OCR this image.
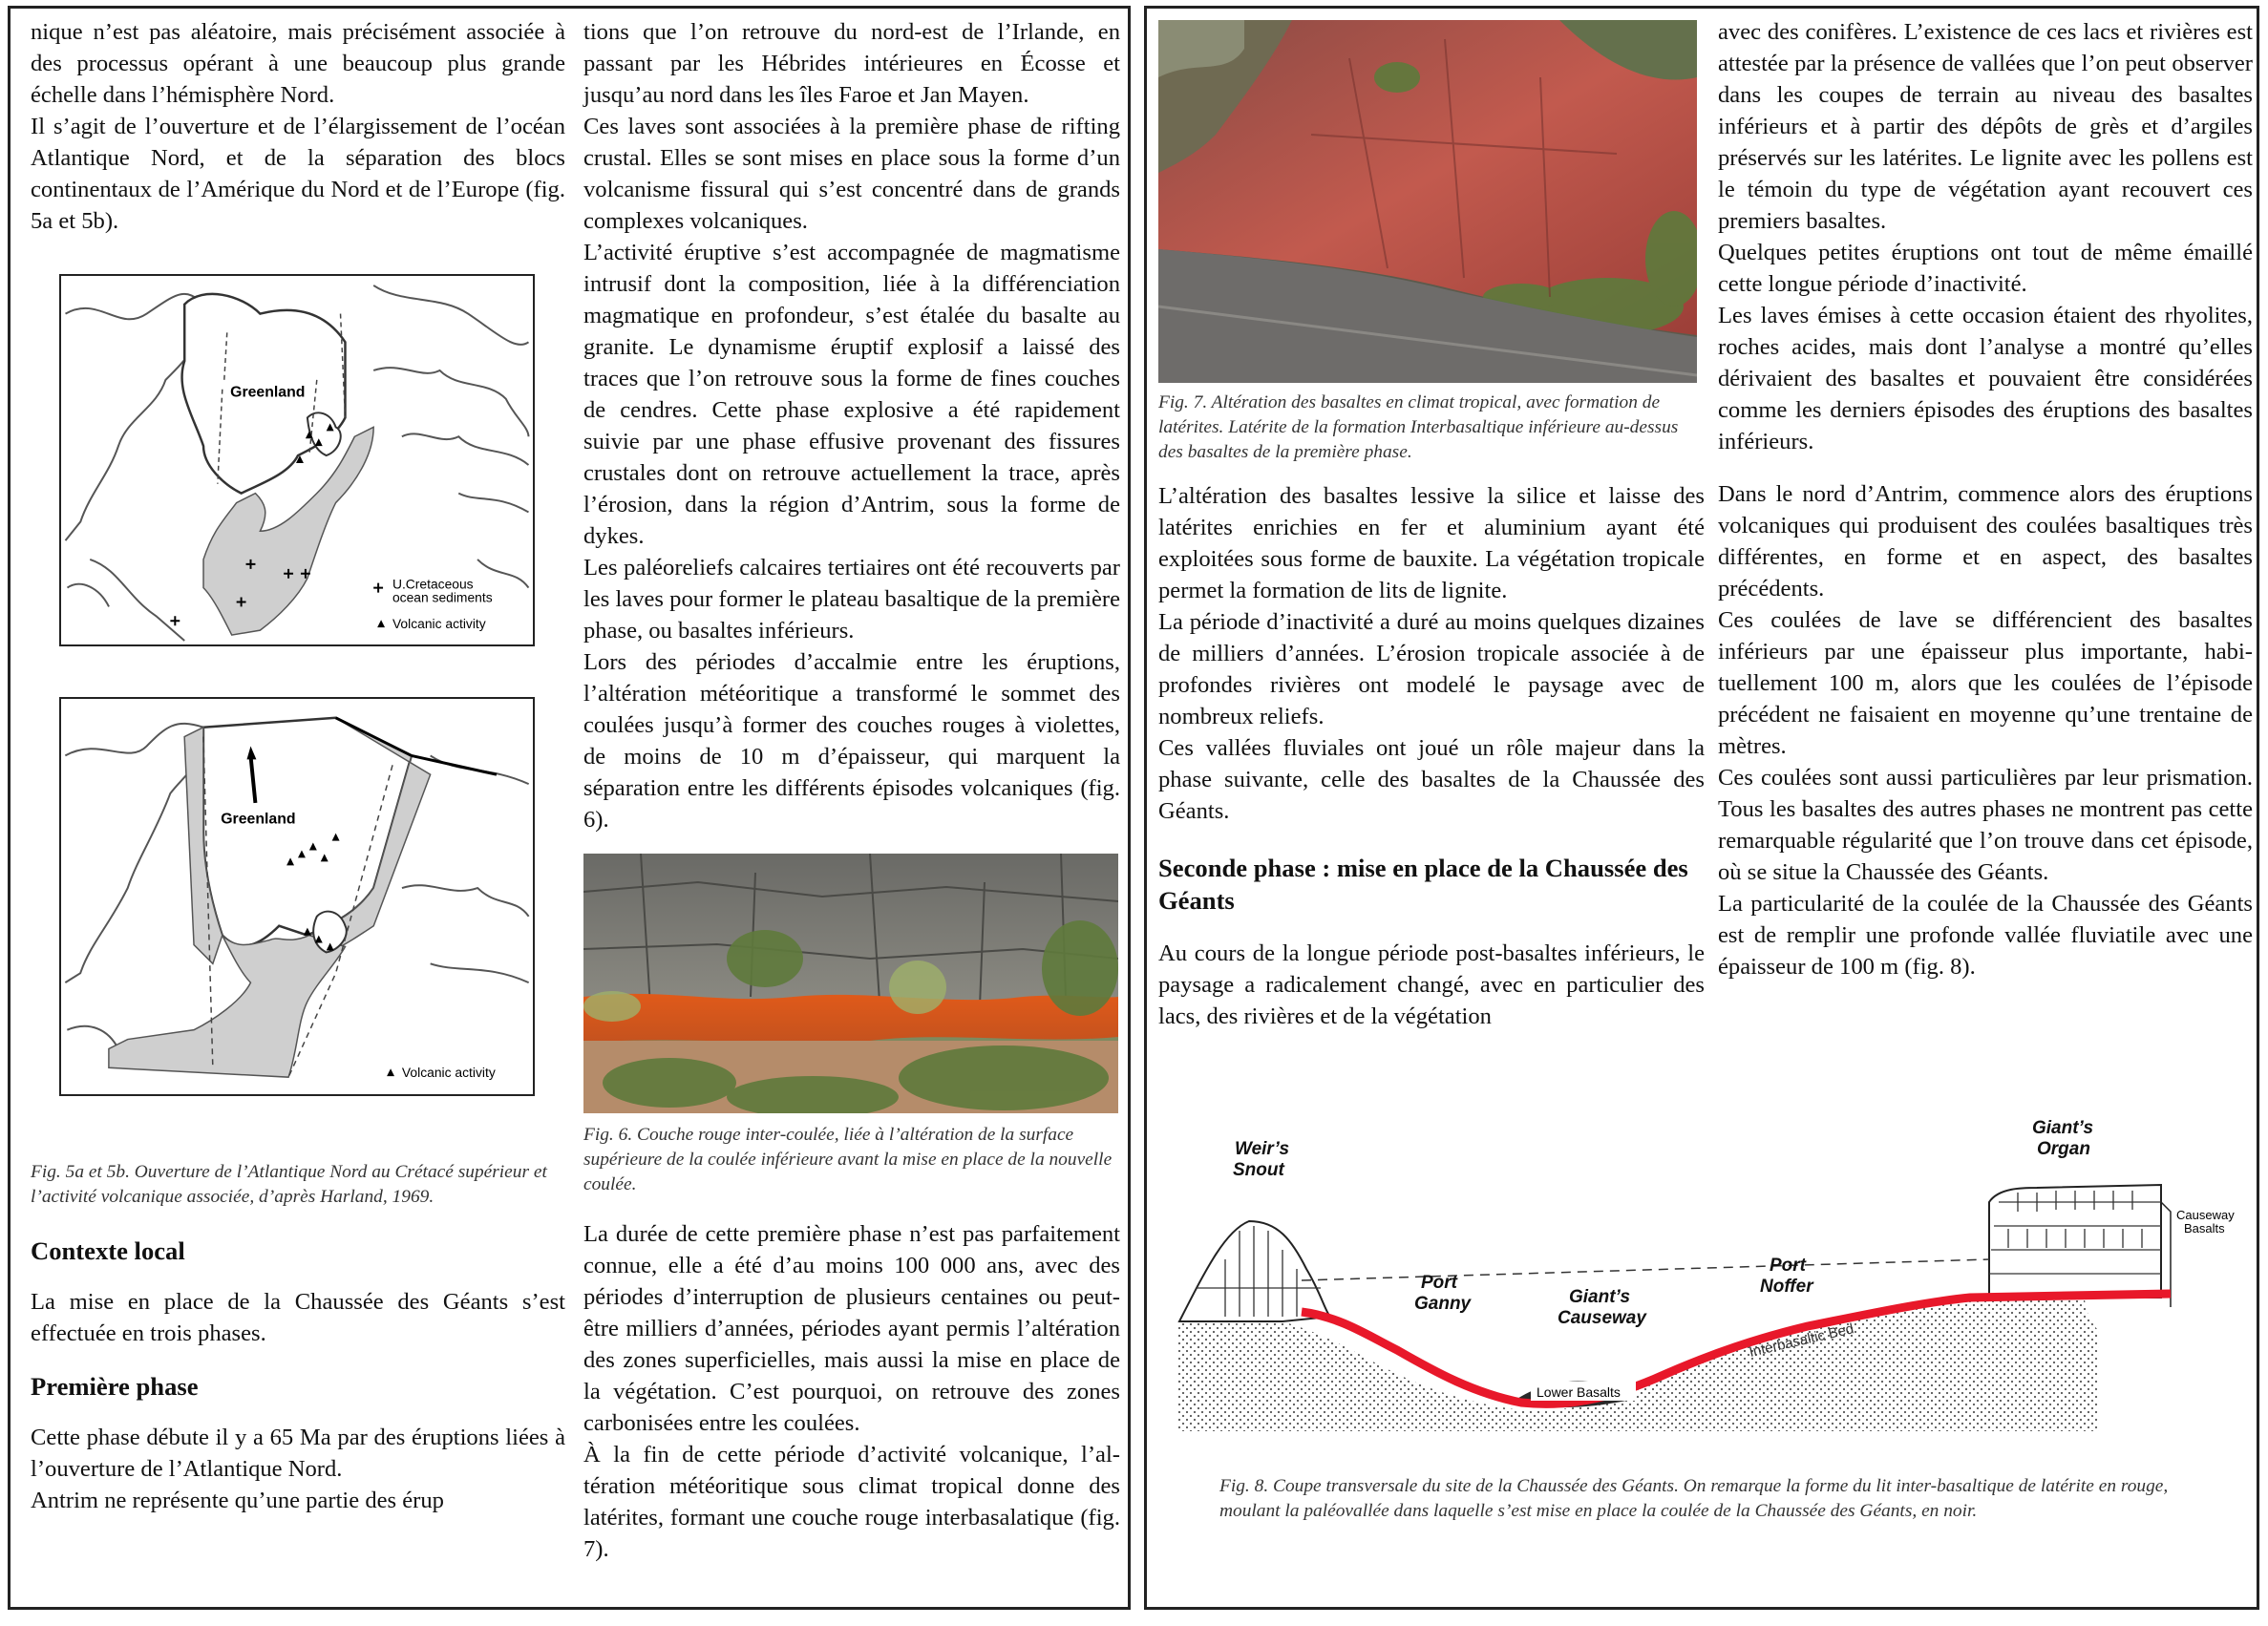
nique n’est pas aléatoire, mais précisément associée à des processus opérant à une beaucoup plus grande échelle dans l’hémisphère Nord.

Il s’agit de l’ouverture et de l’élargissement de l’océan Atlantique Nord, et de la séparation des blocs continentaux de l’Amérique du Nord et de l’Europe (fig. 5a et 5b).

Greenland
U.Cretaceous
ocean sediments
Volcanic activity
Greenland
Volcanic activity

Fig. 5a et 5b. Ouverture de l’Atlantique Nord au Crétacé supérieur et l’activité volcanique associée, d’après Harland, 1969.

Contexte local

La mise en place de la Chaussée des Géants s’est effectuée en trois phases.

Première phase

Cette phase débute il y a 65 Ma par des éruptions liées à l’ouverture de l’Atlantique Nord.

Antrim ne représente qu’une partie des érup

tions que l’on retrouve du nord-est de l’Irlande, en passant par les Hébrides intérieures en Écosse et jusqu’au nord dans les îles Faroe et Jan Mayen.

Ces laves sont associées à la première phase de rifting crustal. Elles se sont mises en place sous la forme d’un volcanisme fissural qui s’est concentré dans de grands complexes volcaniques.

L’activité éruptive s’est accompagnée de magmatisme intrusif dont la composition, liée à la différenciation magmatique en profondeur, s’est étalée du basalte au granite. Le dynamisme éruptif explosif a laissé des traces que l’on retrouve sous la forme de fines couches de cendres. Cette phase explosive a été rapidement suivie par une phase effusive provenant des fissures crustales dont on retrouve actuellement la trace, après l’érosion, dans la région d’Antrim, sous la forme de dykes.

Les paléoreliefs calcaires tertiaires ont été recouverts par les laves pour former le plateau basaltique de la première phase, ou basaltes inférieurs.

Lors des périodes d’accalmie entre les éruptions, l’altération météoritique a transformé le sommet des coulées jusqu’à former des couches rouges à violettes, de moins de 10 m d’épaisseur, qui marquent la séparation entre les différents épisodes volcaniques (fig. 6).

Fig. 6. Couche rouge inter-coulée, liée à l’altération de la surface supérieure de la coulée inférieure avant la mise en place de la nouvelle coulée.

La durée de cette première phase n’est pas parfaitement connue, elle a été d’au moins 100 000 ans, avec des périodes d’interruption de plusieurs centaines ou peut-être milliers d’années, périodes ayant permis l’altération des zones superficielles, mais aussi la mise en place de la végétation. C’est pourquoi, on retrouve des zones carbonisées entre les coulées.

À la fin de cette période d’activité volcanique, l’altération météoritique sous climat tropical donne des latérites, formant une couche rouge interbasalatique (fig. 7).

Fig. 7. Altération des basaltes en climat tropical, avec formation de latérites. Latérite de la formation Interbasaltique inférieure au-dessus des basaltes de la première phase.

L’altération des basaltes lessive la silice et laisse des latérites enrichies en fer et aluminium ayant été exploitées sous forme de bauxite. La végétation tropicale permet la formation de lits de lignite.

La période d’inactivité a duré au moins quelques dizaines de milliers d’années. L’érosion tropicale associée à de profondes rivières ont modelé le paysage avec de nombreux reliefs.

Ces vallées fluviales ont joué un rôle majeur dans la phase suivante, celle des basaltes de la Chaussée des Géants.

Seconde phase : mise en place de la Chaussée des Géants

Au cours de la longue période post-basaltes inférieurs, le paysage a radicalement changé, avec en particulier des lacs, des rivières et de la végétation

avec des conifères. L’existence de ces lacs et rivières est attestée par la présence de vallées que l’on peut observer dans les coupes de terrain au niveau des basaltes inférieurs et à partir des dépôts de grès et d’argiles préservés sur les latérites. Le lignite avec les pollens est le témoin du type de végétation ayant recouvert ces premiers basaltes.

Quelques petites éruptions ont tout de même émaillé cette longue période d’inactivité.

Les laves émises à cette occasion étaient des rhyolites, roches acides, mais dont l’analyse a montré qu’elles dérivaient des basaltes et pouvaient être considérées comme les derniers épisodes des éruptions des basaltes inférieurs.

Dans le nord d’Antrim, commence alors des éruptions volcaniques qui produisent des coulées basaltiques très différentes, en forme et en aspect, des basaltes précédents.

Ces coulées de lave se différencient des basaltes inférieurs par une épaisseur plus importante, habituellement 100 m, alors que les coulées de l’épisode précédent ne faisaient en moyenne qu’une trentaine de mètres.

Ces coulées sont aussi particulières par leur prismation. Tous les basaltes des autres phases ne montrent pas cette remarquable régularité que l’on trouve dans cet épisode, où se situe la Chaussée des Géants.

La particularité de la coulée de la Chaussée des Géants est de remplir une profonde vallée fluviatile avec une épaisseur de 100 m (fig. 8).

Weir’s
Snout
Giant’s
Organ
Port
Ganny	Giant’s
Causeway
Port
Noffer
Interbasaltic Bed
Causeway
Basalts
Lower Basalts

Fig. 8. Coupe transversale du site de la Chaussée des Géants. On remarque la forme du lit inter-basaltique de latérite en rouge, moulant la paléovallée dans laquelle s’est mise en place la coulée de la Chaussée des Géants, en noir.
